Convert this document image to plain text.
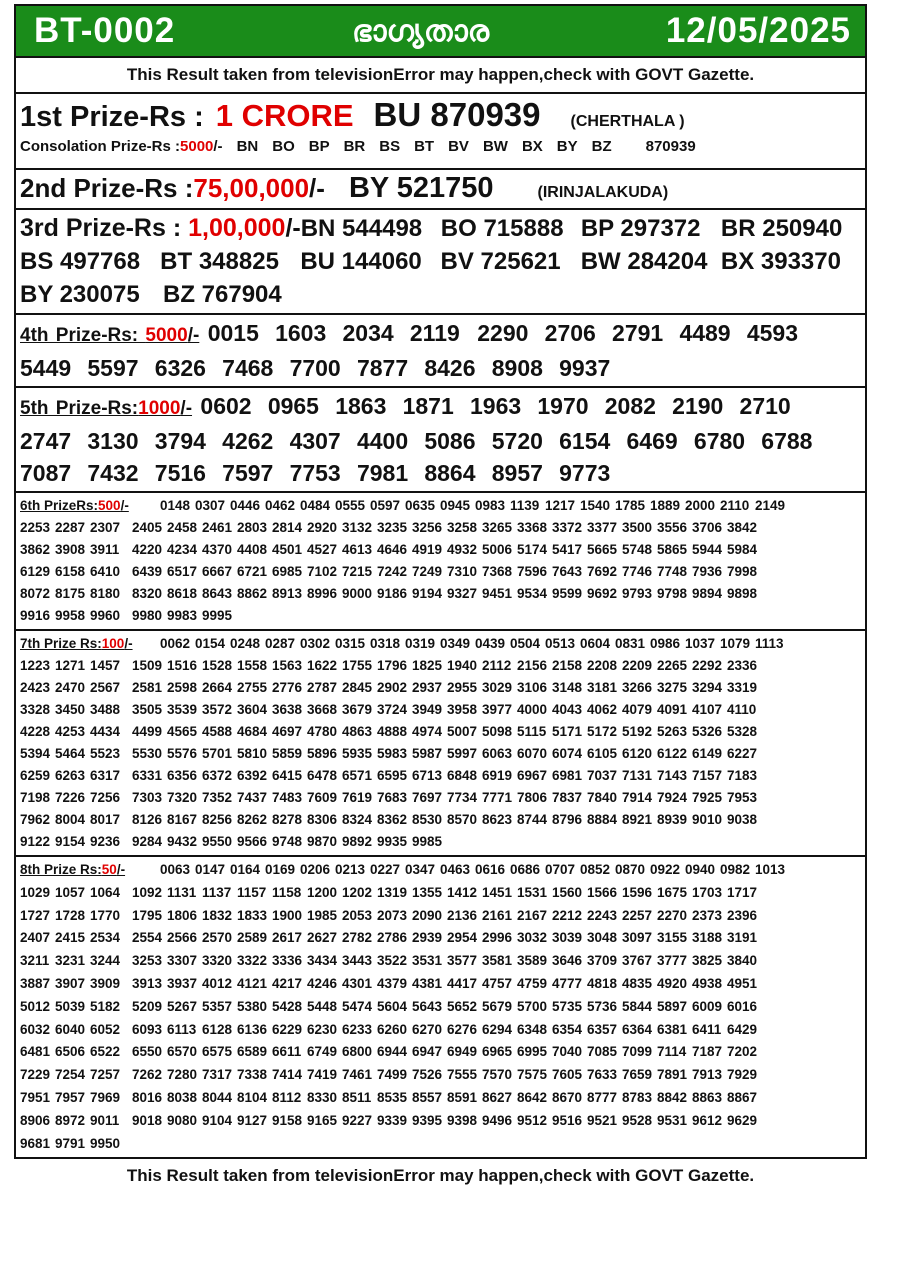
BT-0002	ഭാഗ്യതാര	12/05/2025
This Result taken from televisionError may happen,check with GOVT Gazette.
1st Prize-Rs : 1 CRORE BU 870939 (CHERTHALA )
Consolation Prize-Rs : 5000 /- BN BO BP BR BS BT BV BW BX BY BZ 870939
2nd Prize-Rs : 75,00,000 /- BY 521750	(IRINJALAKUDA)
3rd Prize-Rs : 1,00,000/- BN 544498 BO 715888 BP 297372 BR 250940
BS 497768 BT 348825 BU 144060 BV 725621 BW 284204 BX 393370
BY 230075 BZ 767904
4th Prize-Rs: 5000/- 0015 1603 2034 2119 2290 2706 2791 4489 4593 5449 5597 6326 7468 7700 7877 8426 8908 9937
5th Prize-Rs:1000/- 0602 0965 1863 1871 1963 1970 2082 2190 2710 2747 3130 3794 4262 4307 4400 5086 5720 6154 6469 6780 6788 7087 7432 7516 7597 7753 7981 8864 8957 9773
6th PrizeRs:500/-	0148 0307 0446 0462 0484 0555 0597 0635 0945 0983 1139 1217 1540 1785 1889 2000 2110 2149
2253 2287 2307 2405 2458 2461 2803 2814 2920 3132 3235 3256 3258 3265 3368 3372 3377 3500 3556 3706 3842
3862 3908 3911 4220 4234 4370 4408 4501 4527 4613 4646 4919 4932 5006 5174 5417 5665 5748 5865 5944 5984
6129 6158 6410 6439 6517 6667 6721 6985 7102 7215 7242 7249 7310 7368 7596 7643 7692 7746 7748 7936 7998
8072 8175 8180 8320 8618 8643 8862 8913 8996 9000 9186 9194 9327 9451 9534 9599 9692 9793 9798 9894 9898
9916 9958 9960 9980 9983 9995
7th Prize Rs:100/-	0062 0154 0248 0287 0302 0315 0318 0319 0349 0439 0504 0513 0604 0831 0986 1037 1079 1113
1223 1271 1457 1509 1516 1528 1558 1563 1622 1755 1796 1825 1940 2112 2156 2158 2208 2209 2265 2292 2336
2423 2470 2567 2581 2598 2664 2755 2776 2787 2845 2902 2937 2955 3029 3106 3148 3181 3266 3275 3294 3319
3328 3450 3488 3505 3539 3572 3604 3638 3668 3679 3724 3949 3958 3977 4000 4043 4062 4079 4091 4107 4110
4228 4253 4434 4499 4565 4588 4684 4697 4780 4863 4888 4974 5007 5098 5115 5171 5172 5192 5263 5326 5328
5394 5464 5523 5530 5576 5701 5810 5859 5896 5935 5983 5987 5997 6063 6070 6074 6105 6120 6122 6149 6227
6259 6263 6317 6331 6356 6372 6392 6415 6478 6571 6595 6713 6848 6919 6967 6981 7037 7131 7143 7157 7183
7198 7226 7256 7303 7320 7352 7437 7483 7609 7619 7683 7697 7734 7771 7806 7837 7840 7914 7924 7925 7953
7962 8004 8017 8126 8167 8256 8262 8278 8306 8324 8362 8530 8570 8623 8744 8796 8884 8921 8939 9010 9038
9122 9154 9236 9284 9432 9550 9566 9748 9870 9892 9935 9985
8th Prize Rs:50/-	0063 0147 0164 0169 0206 0213 0227 0347 0463 0616 0686 0707 0852 0870 0922 0940 0982 1013
1029 1057 1064 1092 1131 1137 1157 1158 1200 1202 1319 1355 1412 1451 1531 1560 1566 1596 1675 1703 1717
1727 1728 1770 1795 1806 1832 1833 1900 1985 2053 2073 2090 2136 2161 2167 2212 2243 2257 2270 2373 2396
2407 2415 2534 2554 2566 2570 2589 2617 2627 2782 2786 2939 2954 2996 3032 3039 3048 3097 3155 3188 3191
3211 3231 3244 3253 3307 3320 3322 3336 3434 3443 3522 3531 3577 3581 3589 3646 3709 3767 3777 3825 3840
3887 3907 3909 3913 3937 4012 4121 4217 4246 4301 4379 4381 4417 4757 4759 4777 4818 4835 4920 4938 4951
5012 5039 5182 5209 5267 5357 5380 5428 5448 5474 5604 5643 5652 5679 5700 5735 5736 5844 5897 6009 6016
6032 6040 6052 6093 6113 6128 6136 6229 6230 6233 6260 6270 6276 6294 6348 6354 6357 6364 6381 6411 6429
6481 6506 6522 6550 6570 6575 6589 6611 6749 6800 6944 6947 6949 6965 6995 7040 7085 7099 7114 7187 7202
7229 7254 7257 7262 7280 7317 7338 7414 7419 7461 7499 7526 7555 7570 7575 7605 7633 7659 7891 7913 7929
7951 7957 7969 8016 8038 8044 8104 8112 8330 8511 8535 8557 8591 8627 8642 8670 8777 8783 8842 8863 8867
8906 8972 9011 9018 9080 9104 9127 9158 9165 9227 9339 9395 9398 9496 9512 9516 9521 9528 9531 9612 9629
9681 9791 9950
This Result taken from televisionError may happen,check with GOVT Gazette.
